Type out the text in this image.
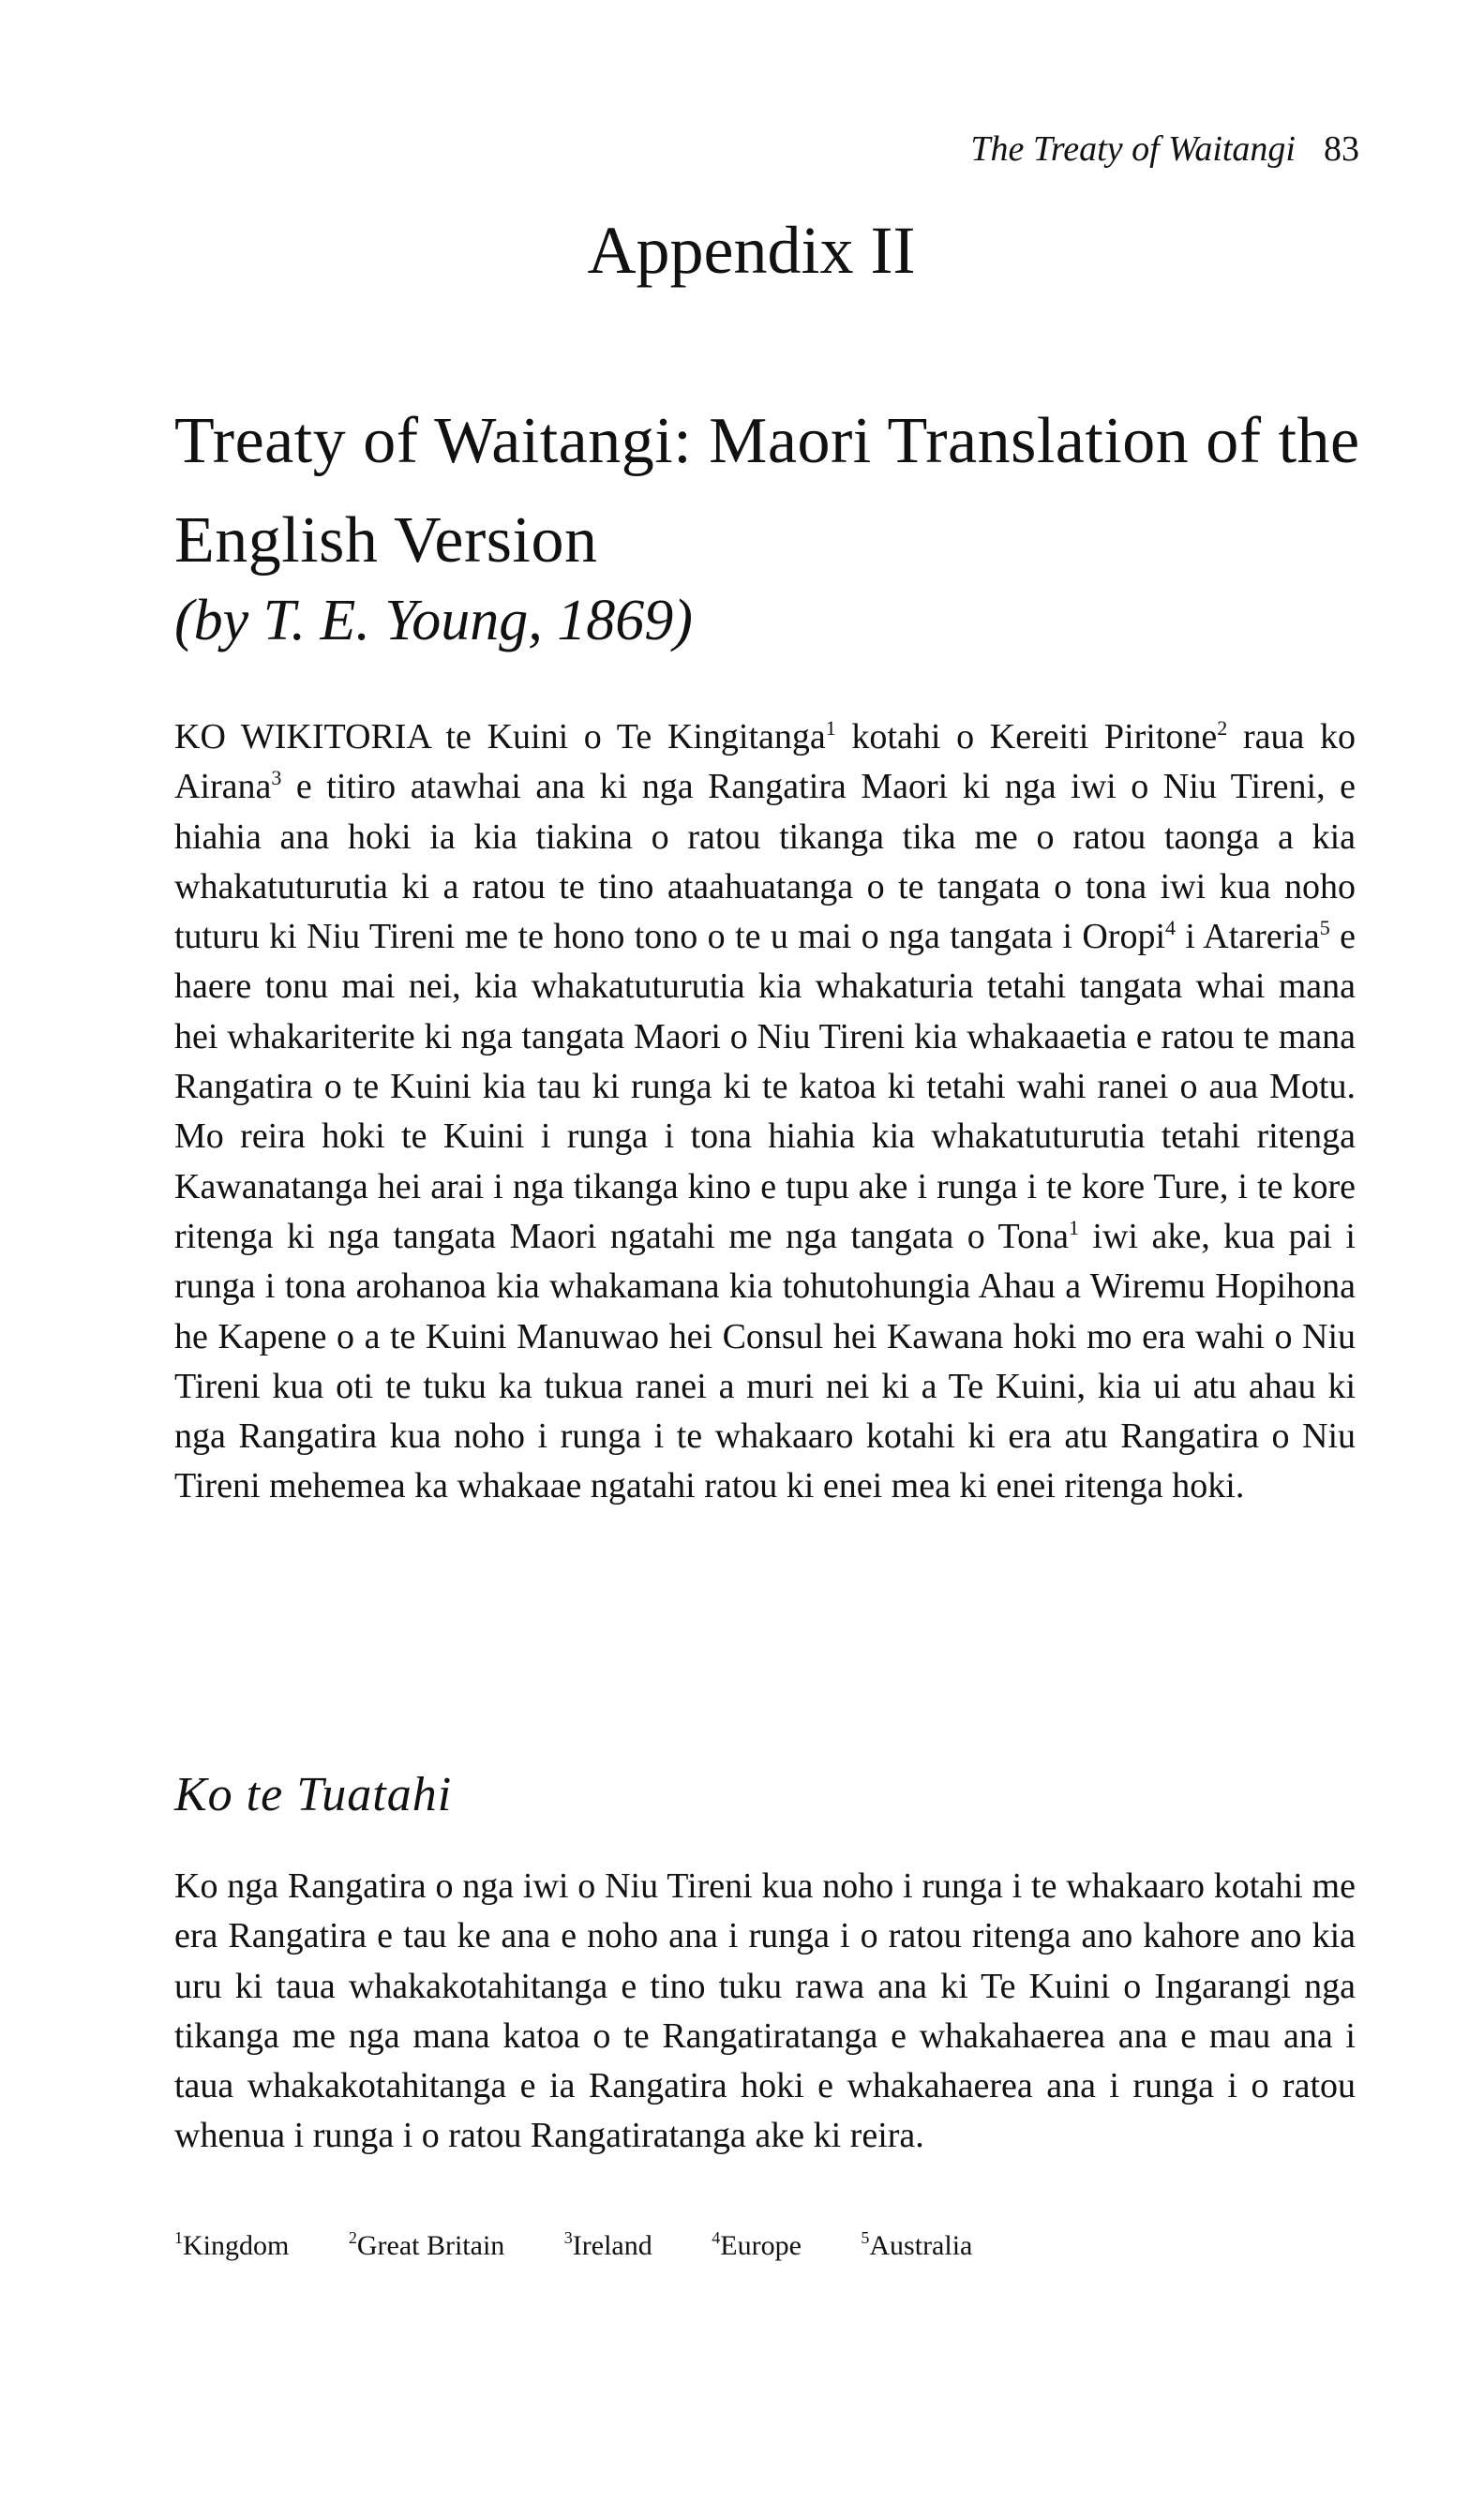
The Treaty of Waitangi 83
Appendix II
Treaty of Waitangi: Maori Translation of the English Version
(by T. E. Young, 1869)

KO WIKITORIA te Kuini o Te Kingitanga$^1$ kotahi o Kereiti Piritone$^2$ raua ko Airana$^3$ e titiro atawhai ana ki nga Rangatira Maori ki nga iwi o Niu Tireni, e hiahia ana hoki ia kia tiakina o ratou tikanga tika me o ratou taonga a kia whakatuturutia ki a ratou te tino ataahuatanga o te tangata o tona iwi kua noho tuturu ki Niu Tireni me te hono tono o te u mai o nga tangata i Oropi$^4$ i Atareria$^5$ e haere tonu mai nei, kia whakatuturutia kia whakaturia tetahi tangata whai mana hei whakariterite ki nga tangata Maori o Niu Tireni kia whakaaetia e ratou te mana Rangatira o te Kuini kia tau ki runga ki te katoa ki tetahi wahi ranei o aua Motu. Mo reira hoki te Kuini i runga i tona hiahia kia whakatuturutia tetahi ritenga Kawanatanga hei arai i nga tikanga kino e tupu ake i runga i te kore Ture, i te kore ritenga ki nga tangata Maori ngatahi me nga tangata o Tona$^1$ iwi ake, kua pai i runga i tona arohanoa kia whakamana kia tohutohungia Ahau a Wiremu Hopihona he Kapene o a te Kuini Manuwao hei Consul hei Kawana hoki mo era wahi o Niu Tireni kua oti te tuku ka tukua ranei a muri nei ki a Te Kuini, kia ui atu ahau ki nga Rangatira kua noho i runga i te whakaaro kotahi ki era atu Rangatira o Niu Tireni mehemea ka whakaae ngatahi ratou ki enei mea ki enei ritenga hoki.

Ko te Tuatahi

Ko nga Rangatira o nga iwi o Niu Tireni kua noho i runga i te whakaaro kotahi me era Rangatira e tau ke ana e noho ana i runga i o ratou ritenga ano kahore ano kia uru ki taua whakakotahitanga e tino tuku rawa ana ki Te Kuini o Ingarangi nga tikanga me nga mana katoa o te Rangatiratanga e whakahaerea ana e mau ana i taua whakakotahitanga e ia Rangatira hoki e whakahaerea ana i runga i o ratou whenua i runga i o ratou Rangatiratanga ake ki reira.

$^1$Kingdom	$^2$Great Britain	$^3$Ireland	$^4$Europe	$^5$Australia
